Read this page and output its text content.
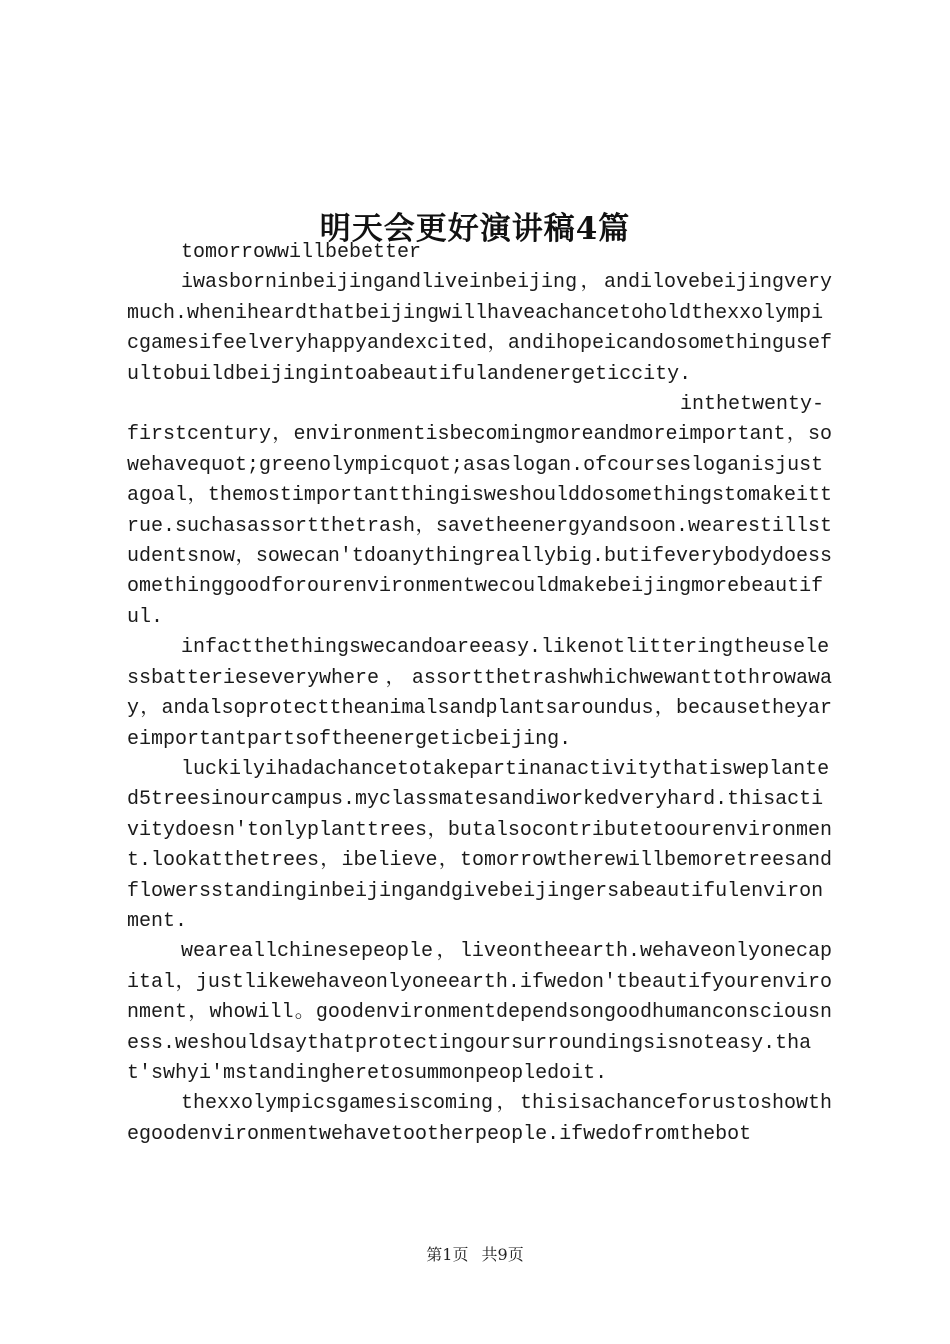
明天会更好演讲稿4篇

tomorrowwillbebetter

iwasborninbeijingandliveinbeijing，andilovebeijingverymuch.wheniheardthatbeijingwillhaveachancetoholdthexxolympicgamesifeelveryhappyandexcited，andihopeicandosomethingusefultobuildbeijingintoabeautifulandenergeticcity.

inthetwenty-firstcentury，environmentisbecomingmoreandmoreimportant，sowehavequot;greenolympicquot;asaslogan.ofcoursesloganisjustagoal，themostimportantthingisweshoulddosomethingstomakeittrue.suchasassortthetrash，savetheenergyandsoon.wearestillstudentsnow，sowecan'tdoanythingreallybig.butifeverybodydoessomethinggoodforourenvironmentwecouldmakebeijingmorebeautiful.

infactthethingswecandoareeasy.likenotlitteringtheuselessbatterieseverywhere，assortthetrashwhichwewanttothrowaway，andalsoprotecttheanimalsandplantsaroundus，becausetheyareimportantpartsoftheenergeticbeijing.

luckilyihadachancetotakepartinanactivitythatisweplanted5treesinourcampus.myclassmatesandiworkedveryhard.thisactivitydoesn'tonlyplanttrees，butalsocontributetoourenvironment.lookatthetrees，ibelieve，tomorrowtherewillbemoretreesandflowersstandinginbeijingandgivebeijingersabeautifulenvironment.

weareallchinesepeople，liveontheearth.wehaveonlyonecapital，justlikewehaveonlyoneearth.ifwedon'tbeautifyourenvironment，whowill。goodenvironmentdependsongoodhumanconsciousness.weshouldsaythatprotectingoursurroundingsisnoteasy.that'swhyi'mstandingheretosummonpeopledoit.

thexxolympicsgamesiscoming，thisisachanceforustoshowthegoodenvironmentwehavetootherpeople.ifwedofromthebot

第1页 共9页
